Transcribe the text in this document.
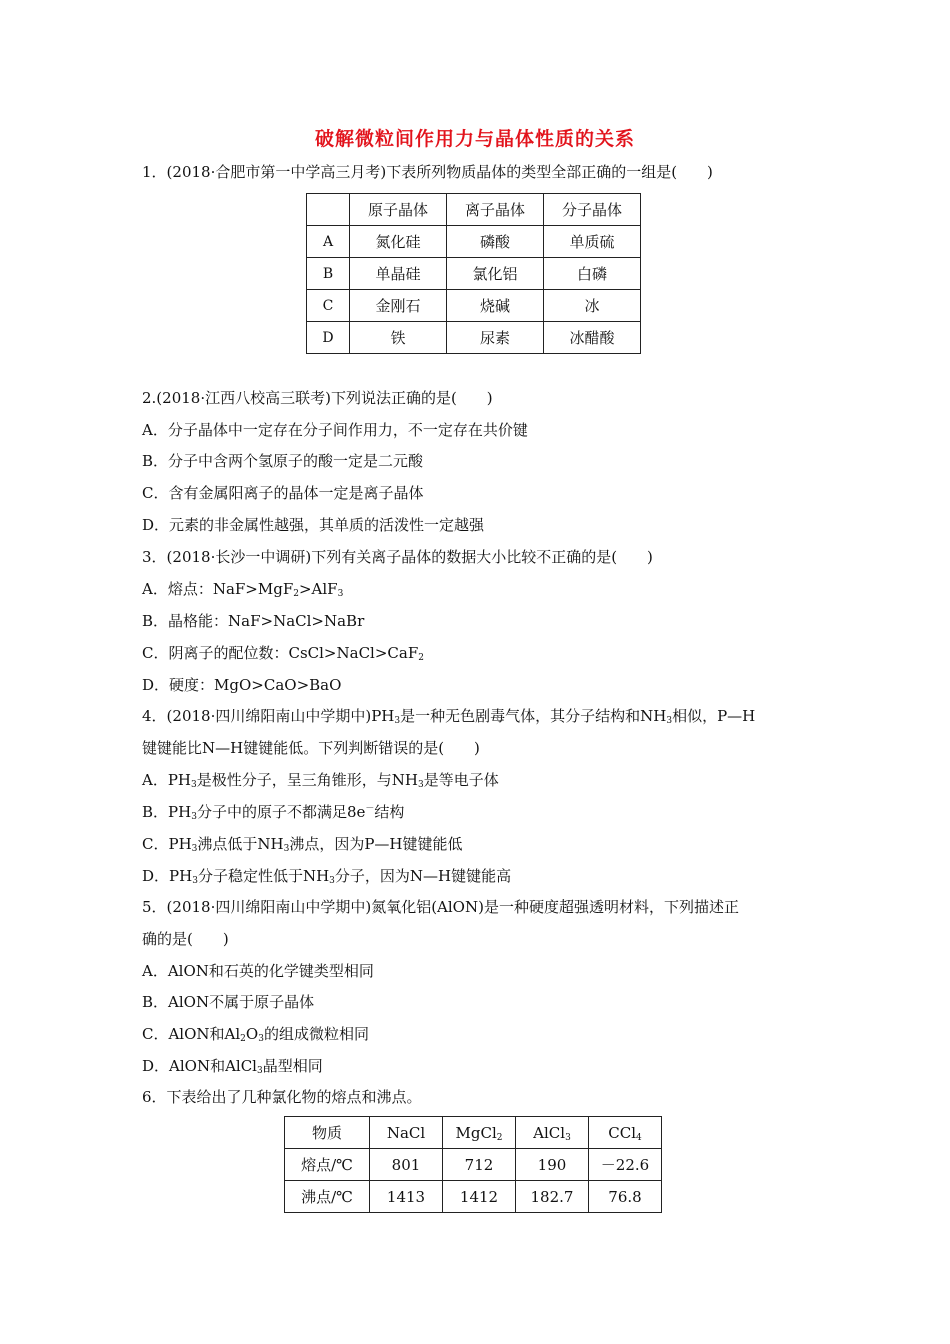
破解微粒间作用力与晶体性质的关系
1．(2018·合肥市第一中学高三月考)下表所列物质晶体的类型全部正确的一组是(　　)
	原子晶体	离子晶体	分子晶体
A	氮化硅	磷酸	单质硫
B	单晶硅	氯化铝	白磷
C	金刚石	烧碱	冰
D	铁	尿素	冰醋酸
2.(2018·江西八校高三联考)下列说法正确的是(　　)
A．分子晶体中一定存在分子间作用力，不一定存在共价键
B．分子中含两个氢原子的酸一定是二元酸
C．含有金属阳离子的晶体一定是离子晶体
D．元素的非金属性越强，其单质的活泼性一定越强
3．(2018·长沙一中调研)下列有关离子晶体的数据大小比较不正确的是(　　)
A．熔点：NaF>MgF$_2$>AlF$_3$
B．晶格能：NaF>NaCl>NaBr
C．阴离子的配位数：CsCl>NaCl>CaF$_2$
D．硬度：MgO>CaO>BaO
4．(2018·四川绵阳南山中学期中)$PH_3$是一种无色剧毒气体，其分子结构和$NH_3$相似，P—H
键键能比N—H键键能低。下列判断错误的是(　　)
A．$PH_3$是极性分子，呈三角锥形，与$NH_3$是等电子体
B．$PH_3$分子中的原子不都满足8e－结构
C．$PH_3$沸点低于$NH_3$沸点，因为P—H键键能低
D．$PH_3$分子稳定性低于$NH_3$分子，因为N—H键键能高
5．(2018·四川绵阳南山中学期中)氮氧化铝(AlON)是一种硬度超强透明材料，下列描述正
确的是(　　)
A．AlON和石英的化学键类型相同
B．AlON不属于原子晶体
C．AlON和$Al_2O_3$的组成微粒相同
D．AlON和AlCl$_3$晶型相同
6．下表给出了几种氯化物的熔点和沸点。
物质	NaCl	MgCl$_2$	AlCl$_3$	CCl$_4$
熔点/℃	801	712	190	－22.6
沸点/℃	1413	1412	182.7	76.8
